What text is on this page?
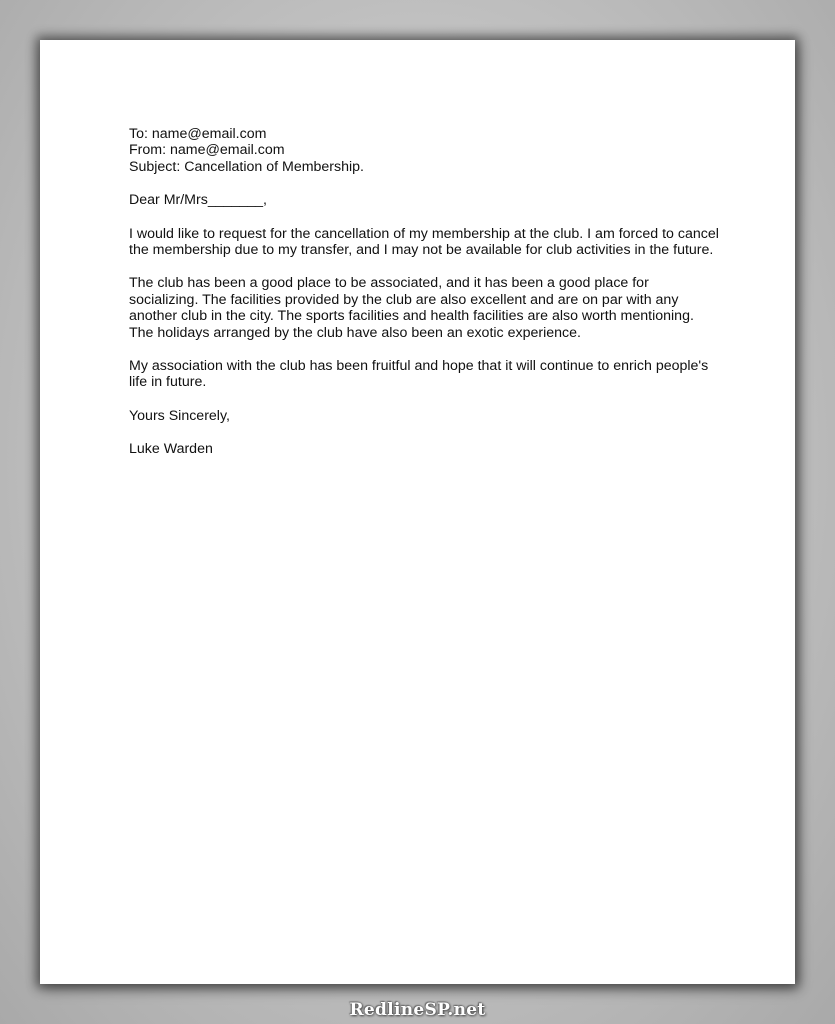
To: name@email.com
From: name@email.com
Subject: Cancellation of Membership.

Dear Mr/Mrs_______,

I would like to request for the cancellation of my membership at the club. I am forced to cancel the membership due to my transfer, and I may not be available for club activities in the future.

The club has been a good place to be associated, and it has been a good place for socializing. The facilities provided by the club are also excellent and are on par with any another club in the city. The sports facilities and health facilities are also worth mentioning. The holidays arranged by the club have also been an exotic experience.

My association with the club has been fruitful and hope that it will continue to enrich people's life in future.

Yours Sincerely,

Luke Warden

RedlineSP.net
